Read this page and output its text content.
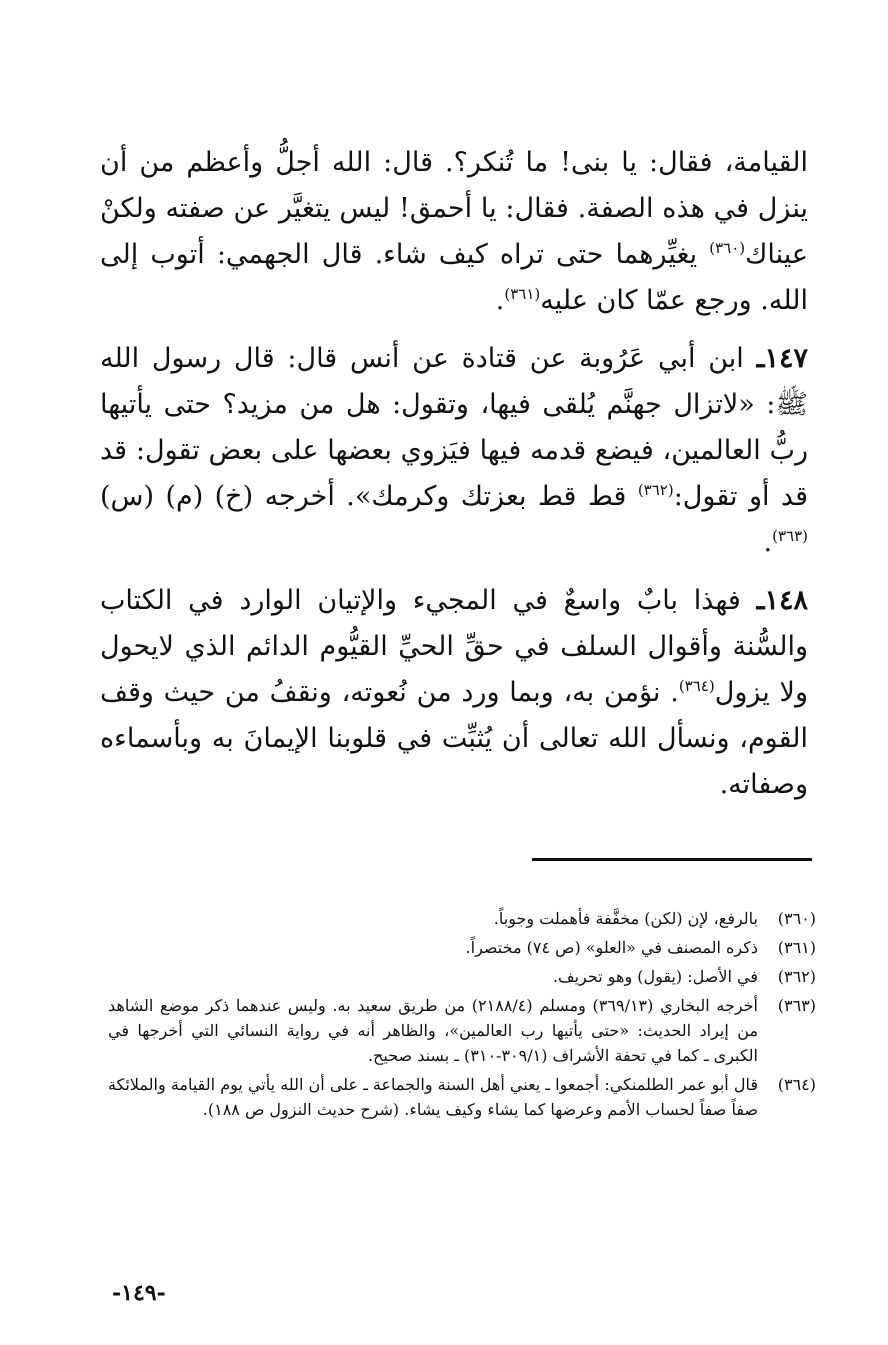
القيامة، فقال: يا بنى! ما تُنكر؟. قال: الله أجلُّ وأعظم من أن ينزل في هذه الصفة. فقال: يا أحمق! ليس يتغيَّر عن صفته ولكنْ عيناك$^{(٣٦٠)}$ يغيِّرهما حتى تراه كيف شاء. قال الجهمي: أتوب إلى الله. ورجع عمّا كان عليه$^{(٣٦١)}$.

١٤٧ـ ابن أبي عَرُوبة عن قتادة عن أنس قال: قال رسول الله ﷺ: «لاتزال جهنَّم يُلقى فيها، وتقول: هل من مزيد؟ حتى يأتيها ربُّ العالمين، فيضع قدمه فيها فيَزوي بعضها على بعض تقول: قد قد أو تقول:$^{(٣٦٢)}$ قط قط بعزتك وكرمك». أخرجه (خ) (م) (س)$^{(٣٦٣)}$.

١٤٨ـ فهذا بابٌ واسعٌ في المجيء والإتيان الوارد في الكتاب والسُّنة وأقوال السلف في حقِّ الحيِّ القيُّوم الدائم الذي لايحول ولا يزول$^{(٣٦٤)}$. نؤمن به، وبما ورد من نُعوته، ونقفُ من حيث وقف القوم، ونسأل الله تعالى أن يُثبِّت في قلوبنا الإيمانَ به وبأسماءه وصفاته.

(٣٦٠)
بالرفع، لإن (لكن) مخفَّفة فأهملت وجوباً.
(٣٦١)
ذكره المصنف في «العلو» (ص ٧٤) مختصراً.
(٣٦٢)
في الأصل: (يقول) وهو تحريف.
(٣٦٣)
أخرجه البخاري (٣٦٩/١٣) ومسلم (٢١٨٨/٤) من طريق سعيد به. وليس عندهما ذكر موضع الشاهد من إيراد الحديث: «حتى يأتيها رب العالمين»، والظاهر أنه في رواية النسائي التي أخرجها في الكبرى ـ كما في تحفة الأشراف (٣٠٩/١-٣١٠) ـ بسند صحيح.
(٣٦٤)
قال أبو عمر الطلمنكي: أجمعوا ـ يعني أهل السنة والجماعة ـ على أن الله يأتي يوم القيامة والملائكة صفاً صفاً لحساب الأمم وعرضها كما يشاء وكيف يشاء. (شرح حديث النزول ص ١٨٨).
-١٤٩-
